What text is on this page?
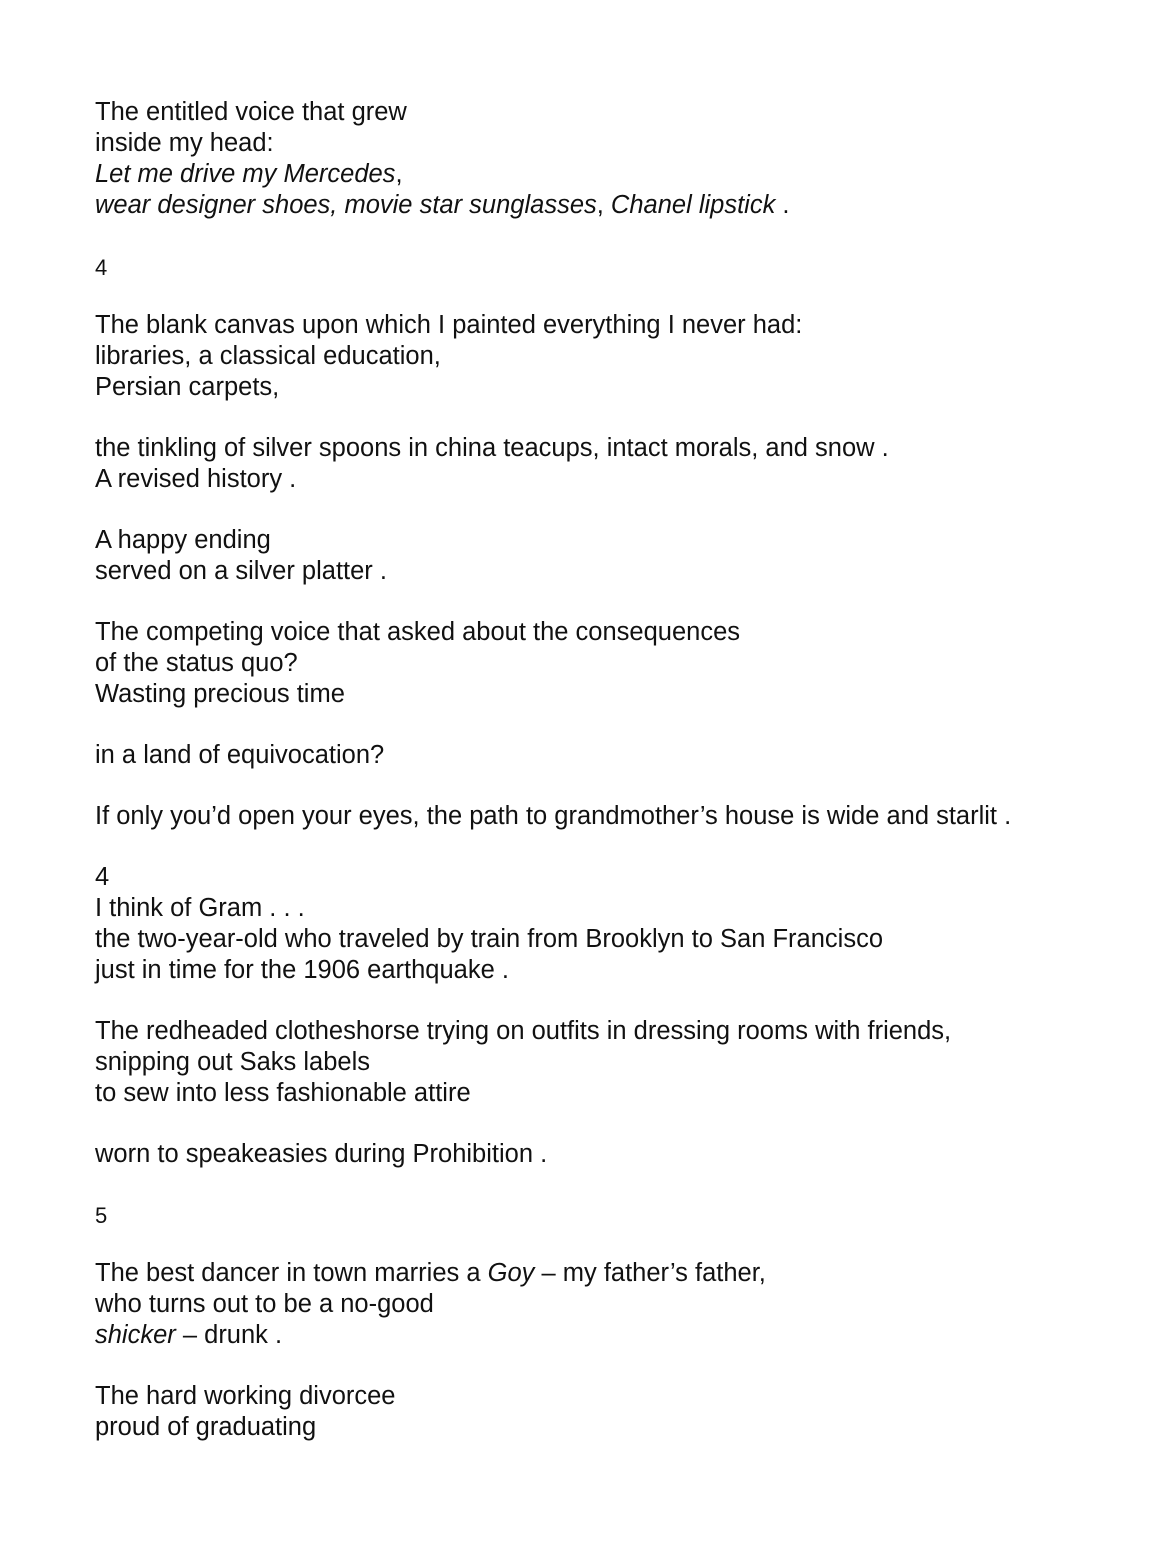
The entitled voice that grew
inside my head:
Let me drive my Mercedes,
wear designer shoes, movie star sunglasses, Chanel lipstick .
4
The blank canvas upon which I painted everything I never had:
libraries, a classical education,
Persian carpets,
the tinkling of silver spoons in china teacups, intact morals, and snow .
A revised history .
A happy ending
served on a silver platter .
The competing voice that asked about the consequences
of the status quo?
Wasting precious time
in a land of equivocation?
If only you’d open your eyes, the path to grandmother’s house is wide and starlit .
4
I think of Gram . . .
the two-year-old who traveled by train from Brooklyn to San Francisco
just in time for the 1906 earthquake .
The redheaded clotheshorse trying on outfits in dressing rooms with friends,
snipping out Saks labels
to sew into less fashionable attire
worn to speakeasies during Prohibition .
5
The best dancer in town marries a Goy – my father’s father,
who turns out to be a no-good
shicker – drunk .
The hard working divorcee
proud of graduating
